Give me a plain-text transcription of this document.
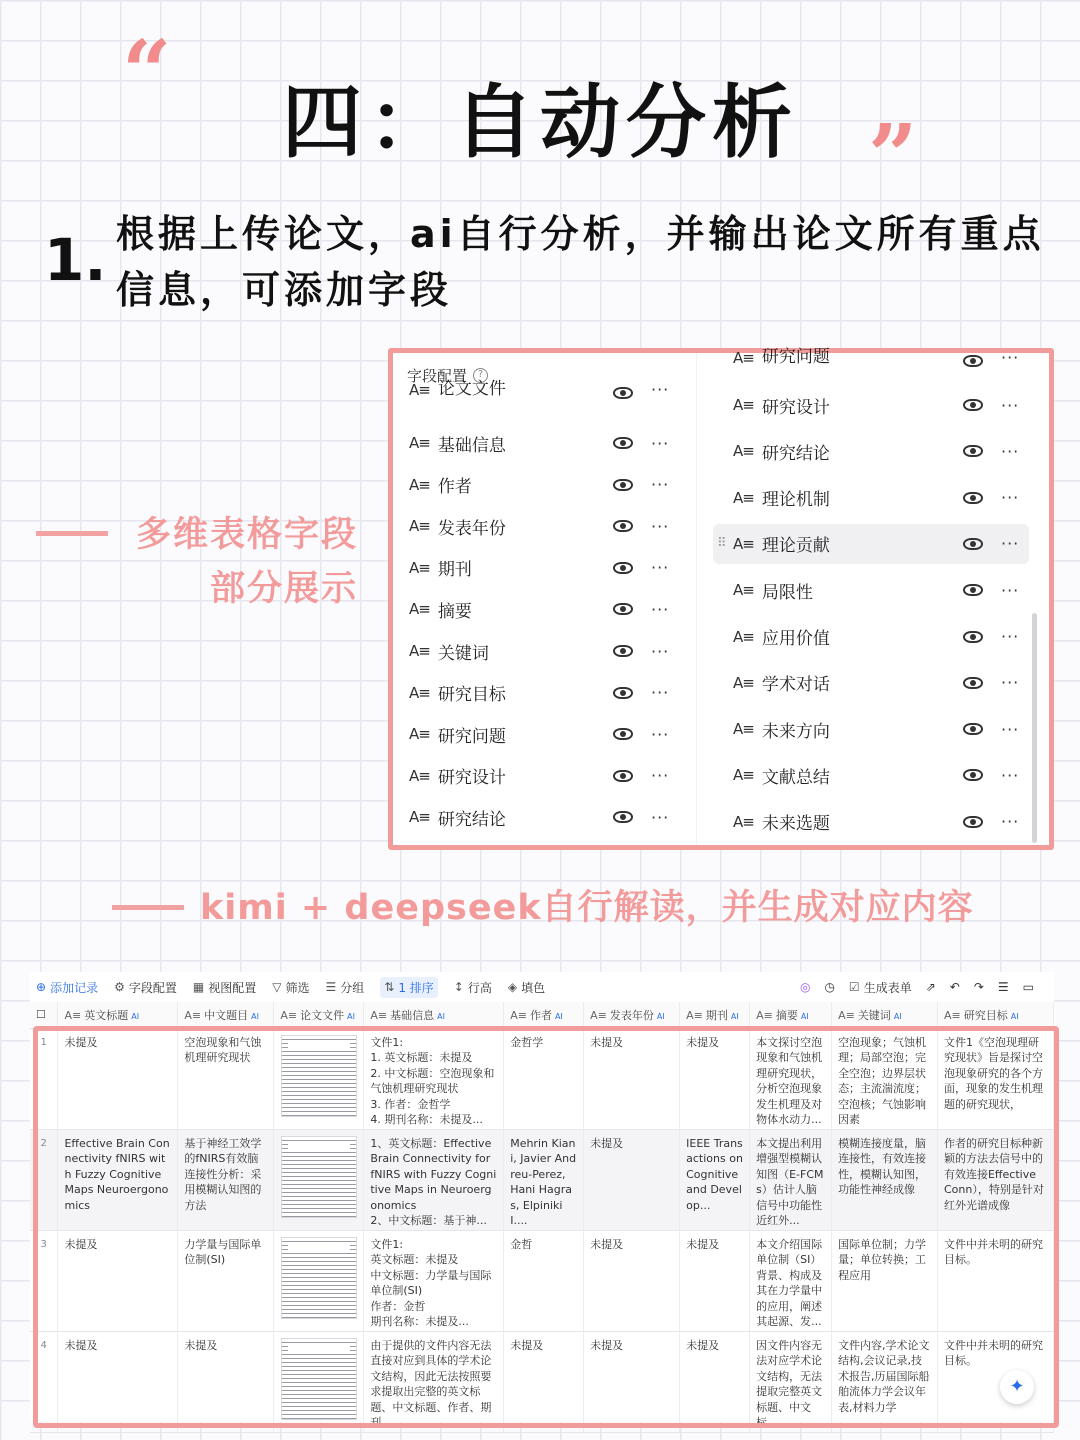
“	四：自动分析 ”
1. 根据上传论文，ai自行分析，并输出论文所有重点信息，可添加字段
多维表格字段部分展示
字段配置	?
A≡ 论文文件	···
A≡ 基础信息	···
A≡ 作者	···
A≡ 发表年份	···
A≡ 期刊	···
A≡ 摘要	···
A≡ 关键词	···
A≡ 研究目标	···
A≡ 研究问题	···
A≡ 研究设计	···
A≡ 研究结论	···
A≡ 研究问题	···
A≡ 研究设计	···
A≡ 研究结论	···
A≡ 理论机制	···
⠿ A≡ 理论贡献	···
A≡ 局限性	···
A≡ 应用价值	···
A≡ 学术对话	···
A≡ 未来方向	···
A≡ 文献总结	···
A≡ 未来选题	···
kimi + deepseek自行解读，并生成对应内容
⊕ 添加记录 ⚙ 字段配置 ▦ 视图配置 ▽ 筛选 ☰ 分组 ⇅ 1 排序 ↕ 行高 ◈ 填色	◎ ◷ ☑ 生成表单 ⇗ ↶ ↷ ☰ ▭
☐	A≡ 英文标题 AI	A≡ 中文题目 AI	A≡ 论文文件 AI	A≡ 基础信息 AI	A≡ 作者 AI	A≡ 发表年份 AI	A≡ 期刊 AI	A≡ 摘要 AI	A≡ 关键词 AI	A≡ 研究目标 AI
1	未提及	空泡现象和气蚀机理研究现状		文件1:
1. 英文标题：未提及
2. 中文标题：空泡现象和气蚀机理研究现状
3. 作者：金哲学
4. 期刊名称：未提及...	金哲学	未提及	未提及	本文探讨空泡现象和气蚀机理研究现状，分析空泡现象发生机理及对物体水动力...	空泡现象；气蚀机理；局部空泡；完全空泡；边界层状态；主流湍流度；空泡核；气蚀影响因素	文件1《空泡现理研究现状》旨是探讨空泡现象研究的各个方面，现象的发生机理题的研究现状，

2	Effective Brain Connectivity fNIRS with Fuzzy Cognitive Maps Neuroergonomics	基于神经工效学的fNIRS有效脑连接性分析：采用模糊认知图的方法		1、英文标题：Effective Brain Connectivity for fNIRS with Fuzzy Cognitive Maps in Neuroergonomics
2、中文标题：基于神...	Mehrin Kiani, Javier Andreu-Perez, Hani Hagras, Elpiniki I....	未提及	IEEE Transactions on Cognitive and Develop...	本文提出利用增强型模糊认知图（E-FCMs）估计人脑信号中功能性近红外...	模糊连接度量，脑连接性，有效连接性，模糊认知图，功能性神经成像	作者的研究目标种新颖的方法去信号中的有效连接Effective Conn），特别是针对红外光谱成像

3	未提及	力学量与国际单位制(SI)		文件1:
英文标题：未提及
中文标题：力学量与国际单位制(SI)
作者：金哲
期刊名称：未提及...	金哲	未提及	未提及	本文介绍国际单位制（SI）背景、构成及其在力学量中的应用，阐述其起源、发...	国际单位制；力学量；单位转换；工程应用	文件中并未明的研究目标。

4	未提及	未提及		由于提供的文件内容无法直接对应到具体的学术论文结构，因此无法按照要求提取出完整的英文标题、中文标题、作者、期刊...	未提及	未提及	未提及	因文件内容无法对应学术论文结构，无法提取完整英文标题、中文标...	文件内容,学术论文结构,会议记录,技术报告,历届国际船舶流体力学会议年表,材料力学	文件中并未明的研究目标。
✦
